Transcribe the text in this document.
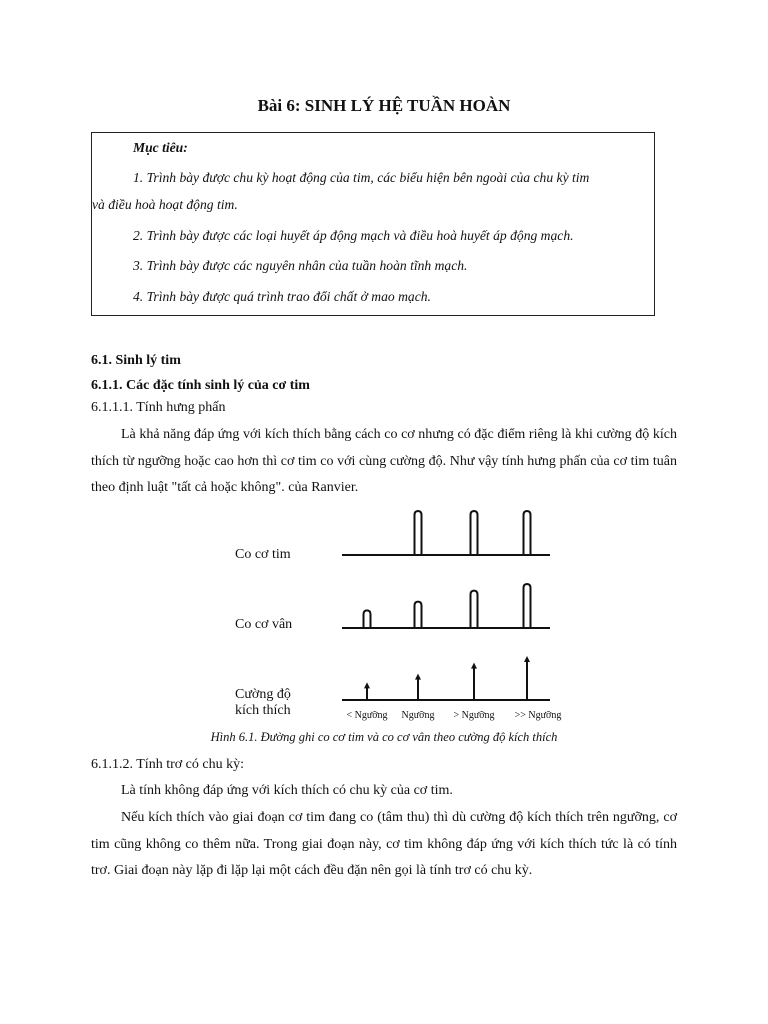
Bài 6: SINH LÝ HỆ TUẦN HOÀN
Mục tiêu:
1. Trình bày được chu kỳ hoạt động của tim, các biểu hiện bên ngoài của chu kỳ tim
và điều hoà hoạt động tim.
2. Trình bày được các loại huyết áp động mạch và điều hoà huyết áp động mạch.
3. Trình bày được các nguyên nhân của tuần hoàn tĩnh mạch.
4. Trình bày được quá trình trao đổi chất ở mao mạch.
6.1. Sinh lý tim
6.1.1. Các đặc tính sinh lý của cơ tim
6.1.1.1. Tính hưng phấn
Là khả năng đáp ứng với kích thích bằng cách co cơ nhưng có đặc điểm riêng là khi cường độ kích thích từ ngưỡng hoặc cao hơn thì cơ tim co với cùng cường độ. Như vậy tính hưng phấn của cơ tim tuân theo định luật "tất cả hoặc không". của Ranvier.
Co cơ tim
Co cơ vân
Cường độ
kích thích	< Ngưỡng Ngưỡng > Ngưỡng >> Ngưỡng
Hình 6.1. Đường ghi co cơ tim và co cơ vân theo cường độ kích thích
6.1.1.2. Tính trơ có chu kỳ:
Là tính không đáp ứng với kích thích có chu kỳ của cơ tim.
Nếu kích thích vào giai đoạn cơ tim đang co (tâm thu) thì dù cường độ kích thích trên ngưỡng, cơ tim cũng không co thêm nữa. Trong giai đoạn này, cơ tim không đáp ứng với kích thích tức là có tính trơ. Giai đoạn này lặp đi lặp lại một cách đều đặn nên gọi là tính trơ có chu kỳ.
